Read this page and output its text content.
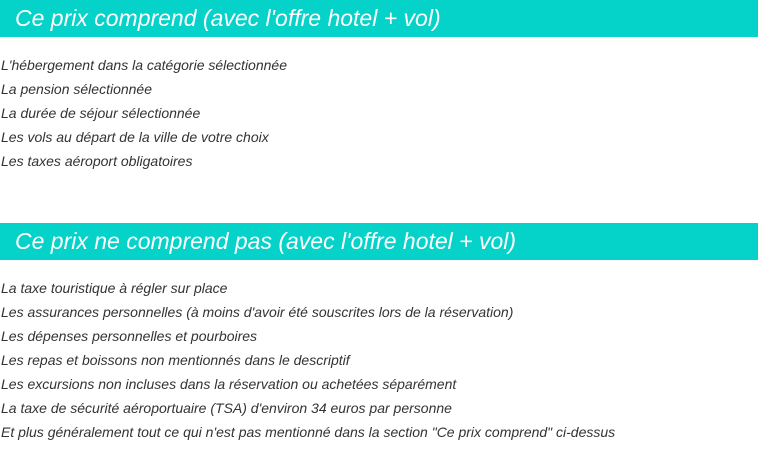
Ce prix comprend (avec l'offre hotel + vol)
L'hébergement dans la catégorie sélectionnée
La pension sélectionnée
La durée de séjour sélectionnée
Les vols au départ de la ville de votre choix
Les taxes aéroport obligatoires
Ce prix ne comprend pas (avec l'offre hotel + vol)
La taxe touristique à régler sur place
Les assurances personnelles (à moins d'avoir été souscrites lors de la réservation)
Les dépenses personnelles et pourboires
Les repas et boissons non mentionnés dans le descriptif
Les excursions non incluses dans la réservation ou achetées séparément
La taxe de sécurité aéroportuaire (TSA) d'environ 34 euros par personne
Et plus généralement tout ce qui n'est pas mentionné dans la section "Ce prix comprend" ci-dessus
